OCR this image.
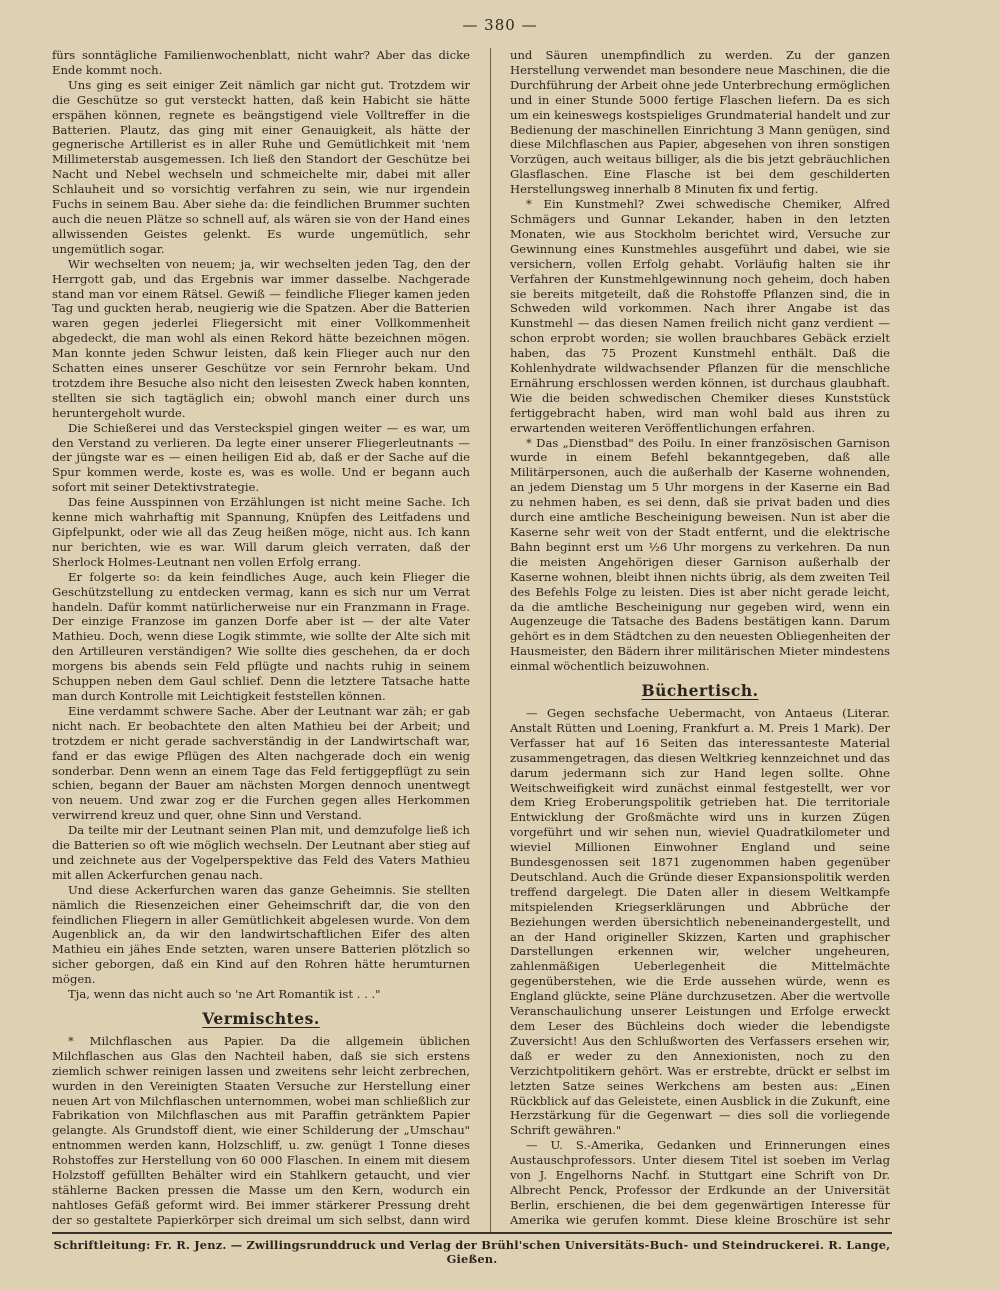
— 380 —

fürs sonntägliche Familienwochenblatt, nicht wahr? Aber das dicke Ende kommt noch.

Uns ging es seit einiger Zeit nämlich gar nicht gut. Trotzdem wir die Geschütze so gut versteckt hatten, daß kein Habicht sie hätte erspähen können, regnete es beängstigend viele Volltreffer in die Batterien. Plautz, das ging mit einer Genauigkeit, als hätte der gegnerische Artillerist es in aller Ruhe und Gemütlichkeit mit 'nem Millimeterstab ausgemessen. Ich ließ den Standort der Geschütze bei Nacht und Nebel wechseln und schmeichelte mir, dabei mit aller Schlauheit und so vorsichtig verfahren zu sein, wie nur irgendein Fuchs in seinem Bau. Aber siehe da: die feindlichen Brummer suchten auch die neuen Plätze so schnell auf, als wären sie von der Hand eines allwissenden Geistes gelenkt. Es wurde ungemütlich, sehr ungemütlich sogar.

Wir wechselten von neuem; ja, wir wechselten jeden Tag, den der Herrgott gab, und das Ergebnis war immer dasselbe. Nachgerade stand man vor einem Rätsel. Gewiß — feindliche Flieger kamen jeden Tag und guckten herab, neugierig wie die Spatzen. Aber die Batterien waren gegen jederlei Fliegersicht mit einer Vollkommenheit abgedeckt, die man wohl als einen Rekord hätte bezeichnen mögen. Man konnte jeden Schwur leisten, daß kein Flieger auch nur den Schatten eines unserer Geschütze vor sein Fernrohr bekam. Und trotzdem ihre Besuche also nicht den leisesten Zweck haben konnten, stellten sie sich tagtäglich ein; obwohl manch einer durch uns heruntergeholt wurde.

Die Schießerei und das Versteckspiel gingen weiter — es war, um den Verstand zu verlieren. Da legte einer unserer Fliegerleutnants — der jüngste war es — einen heiligen Eid ab, daß er der Sache auf die Spur kommen werde, koste es, was es wolle. Und er begann auch sofort mit seiner Detektivstrategie.

Das feine Ausspinnen von Erzählungen ist nicht meine Sache. Ich kenne mich wahrhaftig mit Spannung, Knüpfen des Leitfadens und Gipfelpunkt, oder wie all das Zeug heißen möge, nicht aus. Ich kann nur berichten, wie es war. Will darum gleich verraten, daß der Sherlock Holmes-Leutnant nen vollen Erfolg errang.

Er folgerte so: da kein feindliches Auge, auch kein Flieger die Geschützstellung zu entdecken vermag, kann es sich nur um Verrat handeln. Dafür kommt natürlicherweise nur ein Franzmann in Frage. Der einzige Franzose im ganzen Dorfe aber ist — der alte Vater Mathieu. Doch, wenn diese Logik stimmte, wie sollte der Alte sich mit den Artilleuren verständigen? Wie sollte dies geschehen, da er doch morgens bis abends sein Feld pflügte und nachts ruhig in seinem Schuppen neben dem Gaul schlief. Denn die letztere Tatsache hatte man durch Kontrolle mit Leichtigkeit feststellen können.

Eine verdammt schwere Sache. Aber der Leutnant war zäh; er gab nicht nach. Er beobachtete den alten Mathieu bei der Arbeit; und trotzdem er nicht gerade sachverständig in der Landwirtschaft war, fand er das ewige Pflügen des Alten nachgerade doch ein wenig sonderbar. Denn wenn an einem Tage das Feld fertiggepflügt zu sein schien, begann der Bauer am nächsten Morgen dennoch unentwegt von neuem. Und zwar zog er die Furchen gegen alles Herkommen verwirrend kreuz und quer, ohne Sinn und Verstand.

Da teilte mir der Leutnant seinen Plan mit, und demzufolge ließ ich die Batterien so oft wie möglich wechseln. Der Leutnant aber stieg auf und zeichnete aus der Vogelperspektive das Feld des Vaters Mathieu mit allen Ackerfurchen genau nach.

Und diese Ackerfurchen waren das ganze Geheimnis. Sie stellten nämlich die Riesenzeichen einer Geheimschrift dar, die von den feindlichen Fliegern in aller Gemütlichkeit abgelesen wurde. Von dem Augenblick an, da wir den landwirtschaftlichen Eifer des alten Mathieu ein jähes Ende setzten, waren unsere Batterien plötzlich so sicher geborgen, daß ein Kind auf den Rohren hätte herumturnen mögen.

Tja, wenn das nicht auch so 'ne Art Romantik ist . . ."

Vermischtes.

* Milchflaschen aus Papier. Da die allgemein üblichen Milchflaschen aus Glas den Nachteil haben, daß sie sich erstens ziemlich schwer reinigen lassen und zweitens sehr leicht zerbrechen, wurden in den Vereinigten Staaten Versuche zur Herstellung einer neuen Art von Milchflaschen unternommen, wobei man schließlich zur Fabrikation von Milchflaschen aus mit Paraffin getränktem Papier gelangte. Als Grundstoff dient, wie einer Schilderung der „Umschau" entnommen werden kann, Holzschliff, u. zw. genügt 1 Tonne dieses Rohstoffes zur Herstellung von 60 000 Flaschen. In einem mit diesem Holzstoff gefüllten Behälter wird ein Stahlkern getaucht, und vier stählerne Backen pressen die Masse um den Kern, wodurch ein nahtloses Gefäß geformt wird. Bei immer stärkerer Pressung dreht der so gestaltete Papierkörper sich dreimal um sich selbst, dann wird

und Säuren unempfindlich zu werden. Zu der ganzen Herstellung verwendet man besondere neue Maschinen, die die Durchführung der Arbeit ohne jede Unterbrechung ermöglichen und in einer Stunde 5000 fertige Flaschen liefern. Da es sich um ein keineswegs kostspieliges Grundmaterial handelt und zur Bedienung der maschinellen Einrichtung 3 Mann genügen, sind diese Milchflaschen aus Papier, abgesehen von ihren sonstigen Vorzügen, auch weitaus billiger, als die bis jetzt gebräuchlichen Glasflaschen. Eine Flasche ist bei dem geschilderten Herstellungsweg innerhalb 8 Minuten fix und fertig.

* Ein Kunstmehl? Zwei schwedische Chemiker, Alfred Schmägers und Gunnar Lekander, haben in den letzten Monaten, wie aus Stockholm berichtet wird, Versuche zur Gewinnung eines Kunstmehles ausgeführt und dabei, wie sie versichern, vollen Erfolg gehabt. Vorläufig halten sie ihr Verfahren der Kunstmehlgewinnung noch geheim, doch haben sie bereits mitgeteilt, daß die Rohstoffe Pflanzen sind, die in Schweden wild vorkommen. Nach ihrer Angabe ist das Kunstmehl — das diesen Namen freilich nicht ganz verdient — schon erprobt worden; sie wollen brauchbares Gebäck erzielt haben, das 75 Prozent Kunstmehl enthält. Daß die Kohlenhydrate wildwachsender Pflanzen für die menschliche Ernährung erschlossen werden können, ist durchaus glaubhaft. Wie die beiden schwedischen Chemiker dieses Kunststück fertiggebracht haben, wird man wohl bald aus ihren zu erwartenden weiteren Veröffentlichungen erfahren.

* Das „Dienstbad" des Poilu. In einer französischen Garnison wurde in einem Befehl bekanntgegeben, daß alle Militärpersonen, auch die außerhalb der Kaserne wohnenden, an jedem Dienstag um 5 Uhr morgens in der Kaserne ein Bad zu nehmen haben, es sei denn, daß sie privat baden und dies durch eine amtliche Bescheinigung beweisen. Nun ist aber die Kaserne sehr weit von der Stadt entfernt, und die elektrische Bahn beginnt erst um ½6 Uhr morgens zu verkehren. Da nun die meisten Angehörigen dieser Garnison außerhalb der Kaserne wohnen, bleibt ihnen nichts übrig, als dem zweiten Teil des Befehls Folge zu leisten. Dies ist aber nicht gerade leicht, da die amtliche Bescheinigung nur gegeben wird, wenn ein Augenzeuge die Tatsache des Badens bestätigen kann. Darum gehört es in dem Städtchen zu den neuesten Obliegenheiten der Hausmeister, den Bädern ihrer militärischen Mieter mindestens einmal wöchentlich beizuwohnen.

Büchertisch.

— Gegen sechsfache Uebermacht, von Antaeus (Literar. Anstalt Rütten und Loening, Frankfurt a. M. Preis 1 Mark). Der Verfasser hat auf 16 Seiten das interessanteste Material zusammengetragen, das diesen Weltkrieg kennzeichnet und das darum jedermann sich zur Hand legen sollte. Ohne Weitschweifigkeit wird zunächst einmal festgestellt, wer vor dem Krieg Eroberungspolitik getrieben hat. Die territoriale Entwicklung der Großmächte wird uns in kurzen Zügen vorgeführt und wir sehen nun, wieviel Quadratkilometer und wieviel Millionen Einwohner England und seine Bundesgenossen seit 1871 zugenommen haben gegenüber Deutschland. Auch die Gründe dieser Expansionspolitik werden treffend dargelegt. Die Daten aller in diesem Weltkampfe mitspielenden Kriegserklärungen und Abbrüche der Beziehungen werden übersichtlich nebeneinandergestellt, und an der Hand origineller Skizzen, Karten und graphischer Darstellungen erkennen wir, welcher ungeheuren, zahlenmäßigen Ueberlegenheit die Mittelmächte gegenüberstehen, wie die Erde aussehen würde, wenn es England glückte, seine Pläne durchzusetzen. Aber die wertvolle Veranschaulichung unserer Leistungen und Erfolge erweckt dem Leser des Büchleins doch wieder die lebendigste Zuversicht! Aus den Schlußworten des Verfassers ersehen wir, daß er weder zu den Annexionisten, noch zu den Verzichtpolitikern gehört. Was er erstrebte, drückt er selbst im letzten Satze seines Werkchens am besten aus: „Einen Rückblick auf das Geleistete, einen Ausblick in die Zukunft, eine Herzstärkung für die Gegenwart — dies soll die vorliegende Schrift gewähren."

— U. S.-Amerika, Gedanken und Erinnerungen eines Austauschprofessors. Unter diesem Titel ist soeben im Verlag von J. Engelhorns Nachf. in Stuttgart eine Schrift von Dr. Albrecht Penck, Professor der Erdkunde an der Universität Berlin, erschienen, die bei dem gegenwärtigen Interesse für Amerika wie gerufen kommt. Diese kleine Broschüre ist sehr

Schriftleitung: Fr. R. Jenz. — Zwillingsrunddruck und Verlag der Brühl'schen Universitäts-Buch- und Steindruckerei. R. Lange, Gießen.
